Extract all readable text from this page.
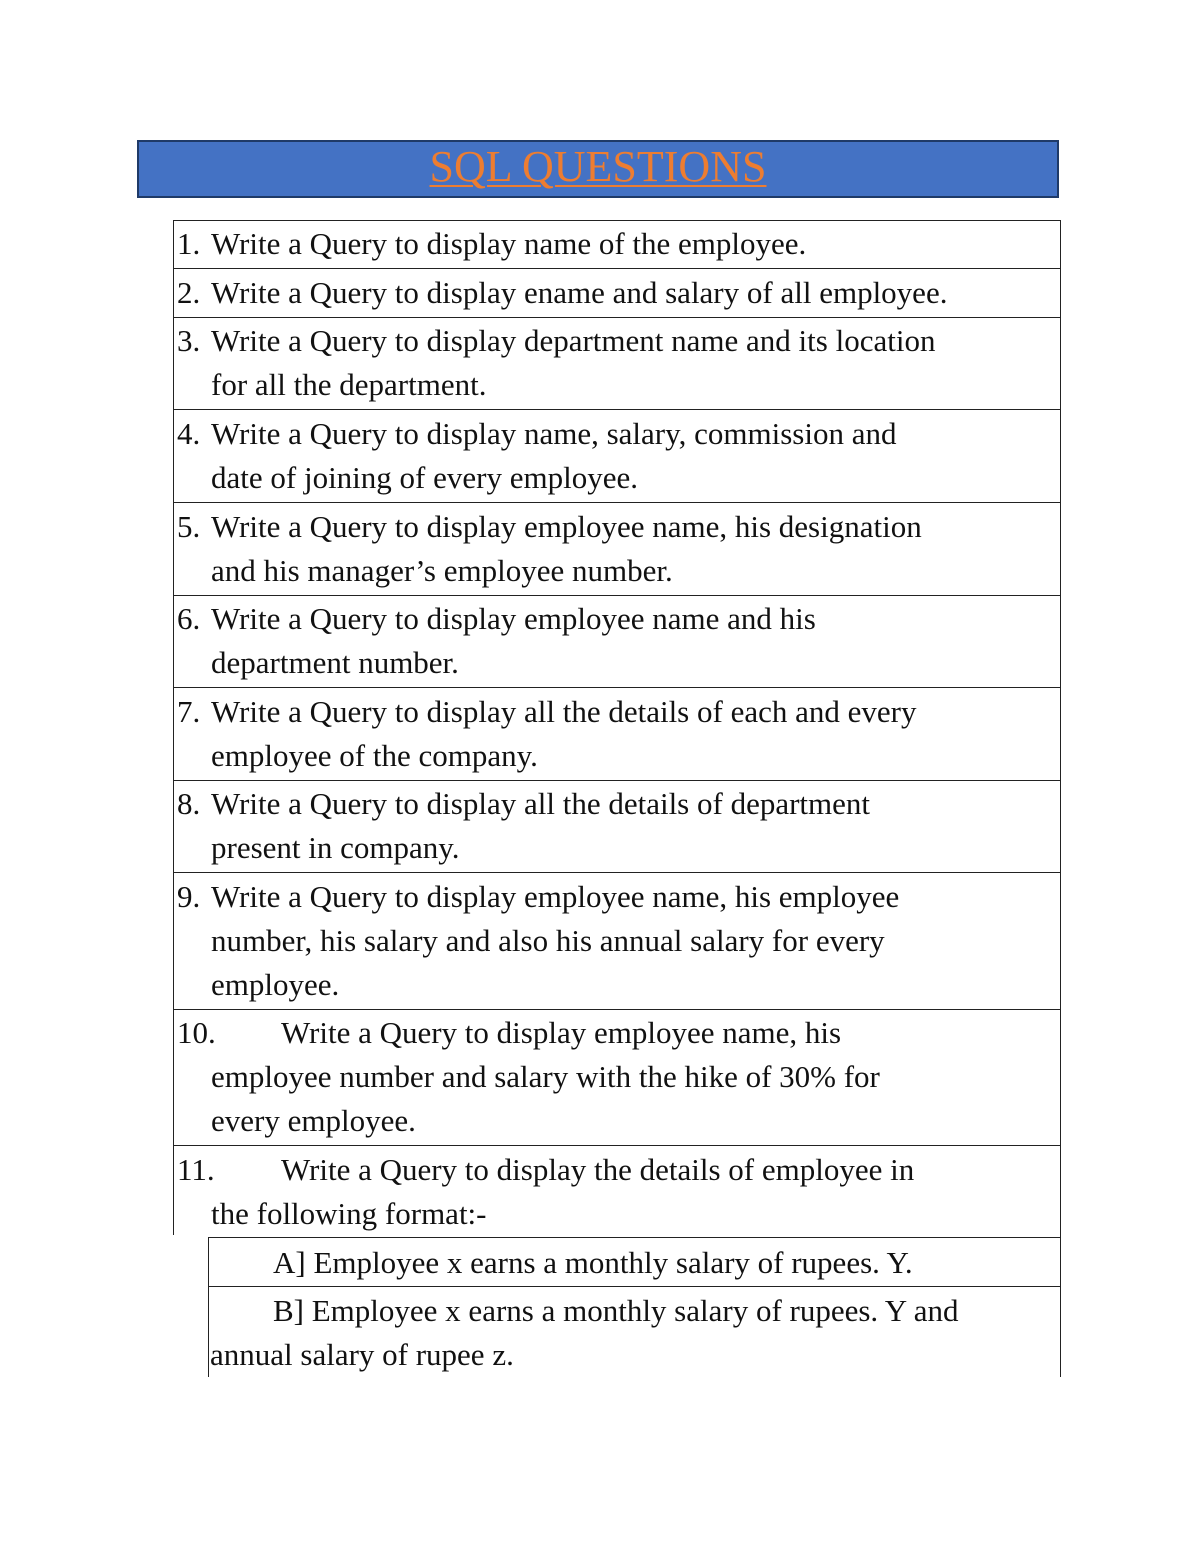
SQL QUESTIONS
1. Write a Query to display name of the employee.
2. Write a Query to display ename and salary of all employee.
3. Write a Query to display department name and its location
for all the department.
4. Write a Query to display name, salary, commission and
date of joining of every employee.
5. Write a Query to display employee name, his designation
and his manager’s employee number.
6. Write a Query to display employee name and his
department number.
7. Write a Query to display all the details of each and every
employee of the company.
8. Write a Query to display all the details of department
present in company.
9. Write a Query to display employee name, his employee
number, his salary and also his annual salary for every
employee.
10. Write a Query to display employee name, his
employee number and salary with the hike of 30% for
every employee.
11. Write a Query to display the details of employee in
the following format:-
A] Employee x earns a monthly salary of rupees. Y.
B] Employee x earns a monthly salary of rupees. Y and
annual salary of rupee z.
